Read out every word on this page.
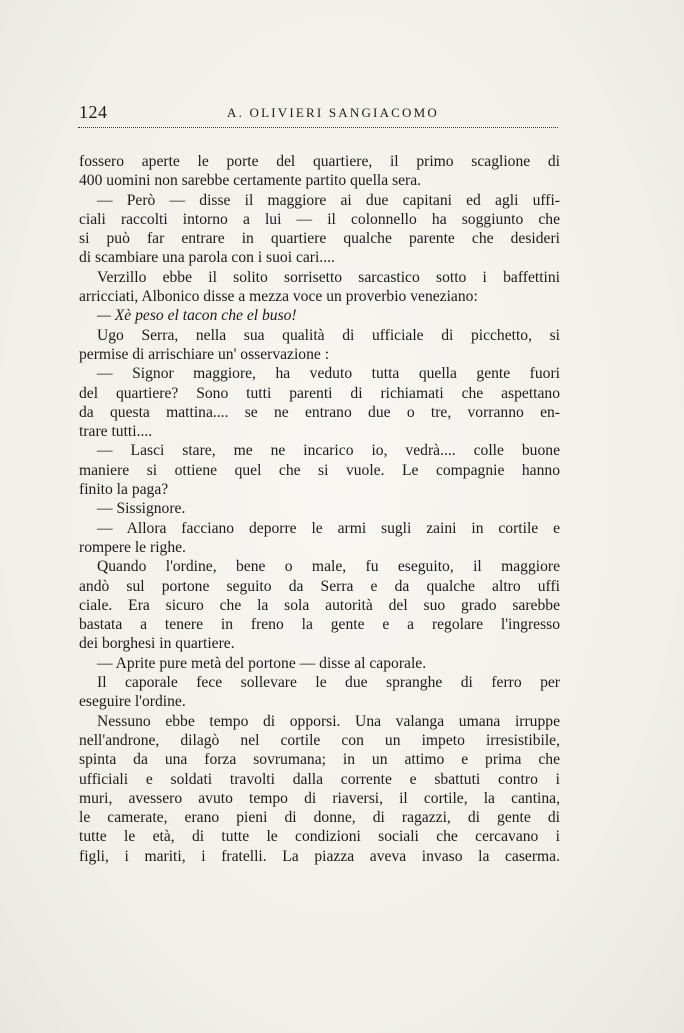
124	A. OLIVIERI SANGIACOMO
fossero aperte le porte del quartiere, il primo scaglione di
400 uomini non sarebbe certamente partito quella sera.
— Però — disse il maggiore ai due capitani ed agli uffi-
ciali raccolti intorno a lui — il colonnello ha soggiunto che
si può far entrare in quartiere qualche parente che desideri
di scambiare una parola con i suoi cari....
Verzillo ebbe il solito sorrisetto sarcastico sotto i baffettini
arricciati, Albonico disse a mezza voce un proverbio veneziano:
— Xè peso el tacon che el buso!
Ugo Serra, nella sua qualità di ufficiale di picchetto, si
permise di arrischiare un' osservazione :
— Signor maggiore, ha veduto tutta quella gente fuori
del quartiere? Sono tutti parenti di richiamati che aspettano
da questa mattina.... se ne entrano due o tre, vorranno en-
trare tutti....
— Lasci stare, me ne incarico io, vedrà.... colle buone
maniere si ottiene quel che si vuole. Le compagnie hanno
finito la paga?
— Sissignore.
— Allora facciano deporre le armi sugli zaini in cortile e
rompere le righe.
Quando l'ordine, bene o male, fu eseguito, il maggiore
andò sul portone seguito da Serra e da qualche altro uffi
ciale. Era sicuro che la sola autorità del suo grado sarebbe
bastata a tenere in freno la gente e a regolare l'ingresso
dei borghesi in quartiere.
— Aprite pure metà del portone — disse al caporale.
Il caporale fece sollevare le due spranghe di ferro per
eseguire l'ordine.
Nessuno ebbe tempo di opporsi. Una valanga umana irruppe
nell'androne, dilagò nel cortile con un impeto irresistibile,
spinta da una forza sovrumana; in un attimo e prima che
ufficiali e soldati travolti dalla corrente e sbattuti contro i
muri, avessero avuto tempo di riaversi, il cortile, la cantina,
le camerate, erano pieni di donne, di ragazzi, di gente di
tutte le età, di tutte le condizioni sociali che cercavano i
figli, i mariti, i fratelli. La piazza aveva invaso la caserma.
